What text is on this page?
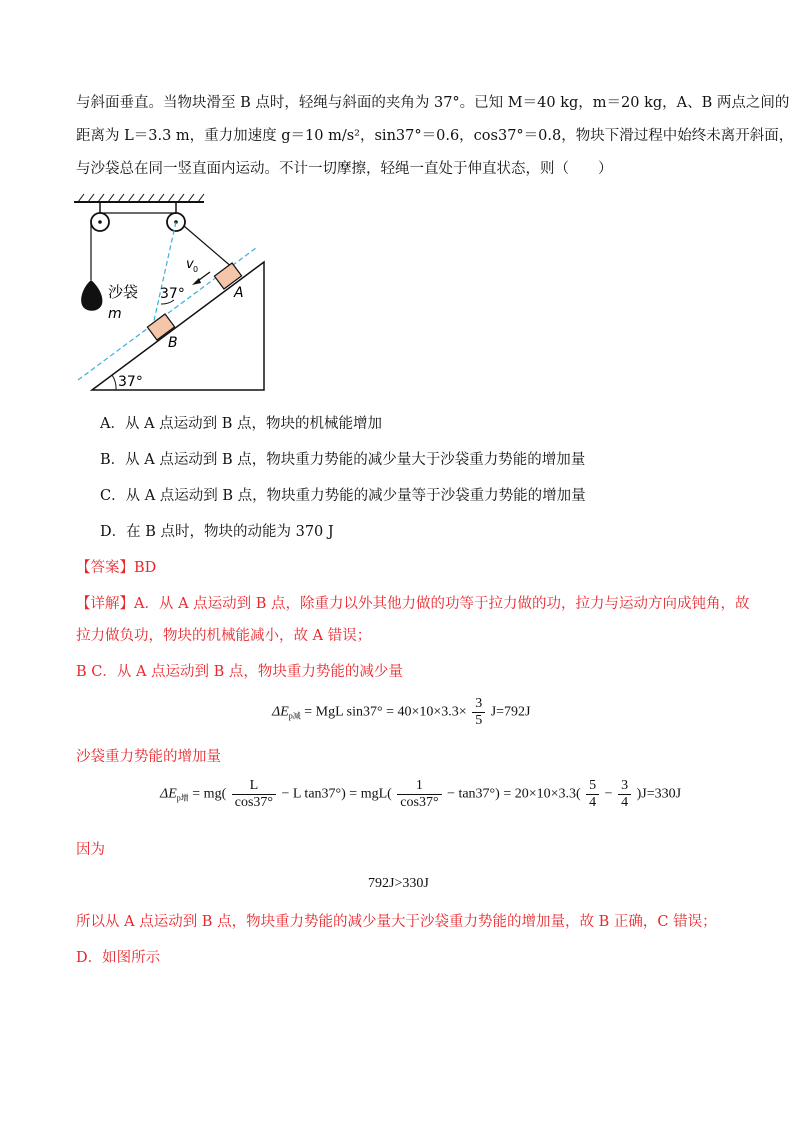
与斜面垂直。当物块滑至 B 点时，轻绳与斜面的夹角为 37°。已知 M＝40 kg，m＝20 kg，A、B 两点之间的
距离为 L＝3.3 m，重力加速度 g＝10 m/s²，sin37°＝0.6，cos37°＝0.8，物块下滑过程中始终未离开斜面，
与沙袋总在同一竖直面内运动。不计一切摩擦，轻绳一直处于伸直状态，则（　　）
沙袋
m
A
B
v 0
37°
37°
A．从 A 点运动到 B 点，物块的机械能增加
B．从 A 点运动到 B 点，物块重力势能的减少量大于沙袋重力势能的增加量
C．从 A 点运动到 B 点，物块重力势能的减少量等于沙袋重力势能的增加量
D．在 B 点时，物块的动能为 370 J
【答案】BD
【详解】A．从 A 点运动到 B 点，除重力以外其他力做的功等于拉力做的功，拉力与运动方向成钝角，故
拉力做负功，物块的机械能减小，故 A 错误；
B C．从 A 点运动到 B 点，物块重力势能的减少量
$\Delta E_{p减}$ = MgL $\sin 37^\circ = 40\times 10\times 3.3\times \frac{3}{5} J=792J$
沙袋重力势能的增加量
$\Delta E_{p增} = mg( \frac{L}{\cos 37^\circ} - L$ $\tan 37^\circ) = mgL( \frac{1}{\cos 37^\circ} - \tan 37^\circ) = 20\times 10\times 3.3( \frac{5}{4} - \frac{3}{4} )J=330J$
因为
792J>330J
所以从 A 点运动到 B 点，物块重力势能的减少量大于沙袋重力势能的增加量，故 B 正确，C 错误；
D．如图所示
